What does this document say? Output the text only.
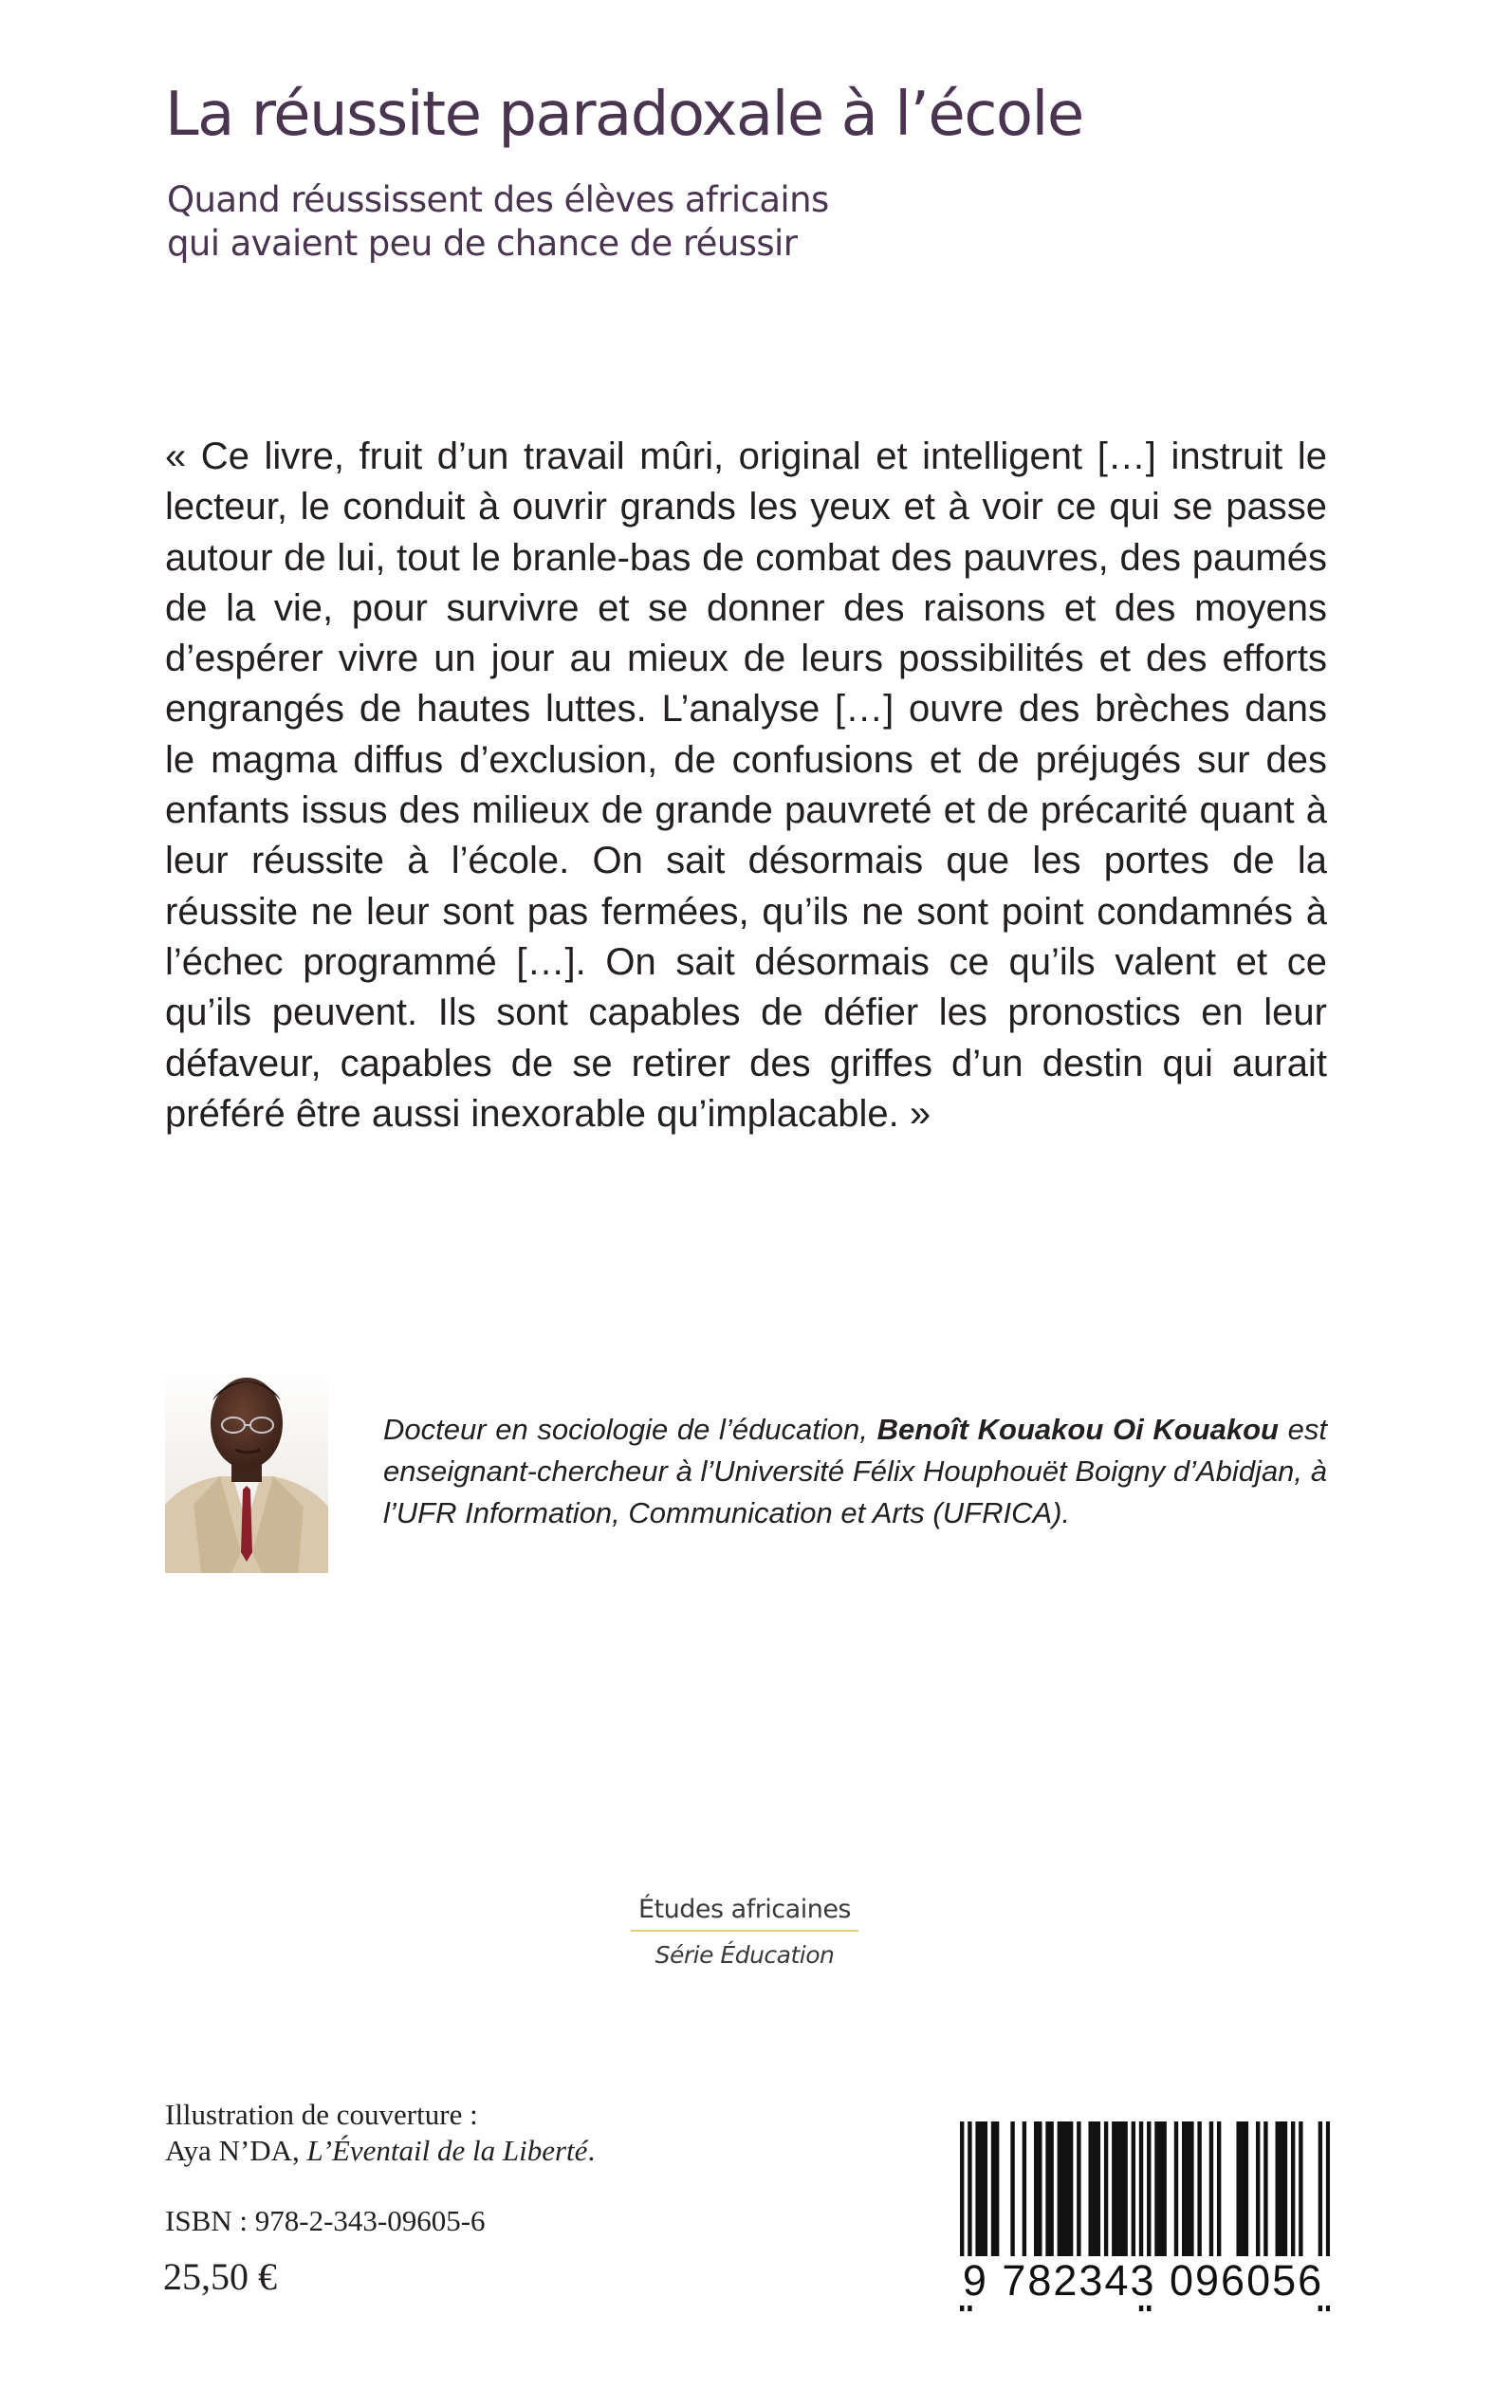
La réussite paradoxale à l’école
Quand réussissent des élèves africains
qui avaient peu de chance de réussir

« Ce livre, fruit d’un travail mûri, original et intelligent […] instruit le lecteur, le conduit à ouvrir grands les yeux et à voir ce qui se passe autour de lui, tout le branle-bas de combat des pauvres, des paumés de la vie, pour survivre et se donner des raisons et des moyens d’espérer vivre un jour au mieux de leurs possibilités et des efforts engrangés de hautes luttes. L’analyse […] ouvre des brèches dans le magma diffus d’exclusion, de confusions et de préjugés sur des enfants issus des milieux de grande pauvreté et de précarité quant à leur réussite à l’école. On sait désormais que les portes de la réussite ne leur sont pas fermées, qu’ils ne sont point condamnés à l’échec programmé […]. On sait désormais ce qu’ils valent et ce qu’ils peuvent. Ils sont capables de défier les pronostics en leur défaveur, capables de se retirer des griffes d’un destin qui aurait préféré être aussi inexorable qu’implacable. »

Docteur en sociologie de l’éducation, Benoît Kouakou Oi Kouakou est enseignant-chercheur à l’Université Félix Houphouët Boigny d’Abidjan, à l’UFR Information, Communication et Arts (UFRICA).
Études africaines
Série Éducation
Illustration de couverture :
Aya N’DA, L’Éventail de la Liberté.
ISBN : 978-2-343-09605-6
25,50 €	9 782343 096056
